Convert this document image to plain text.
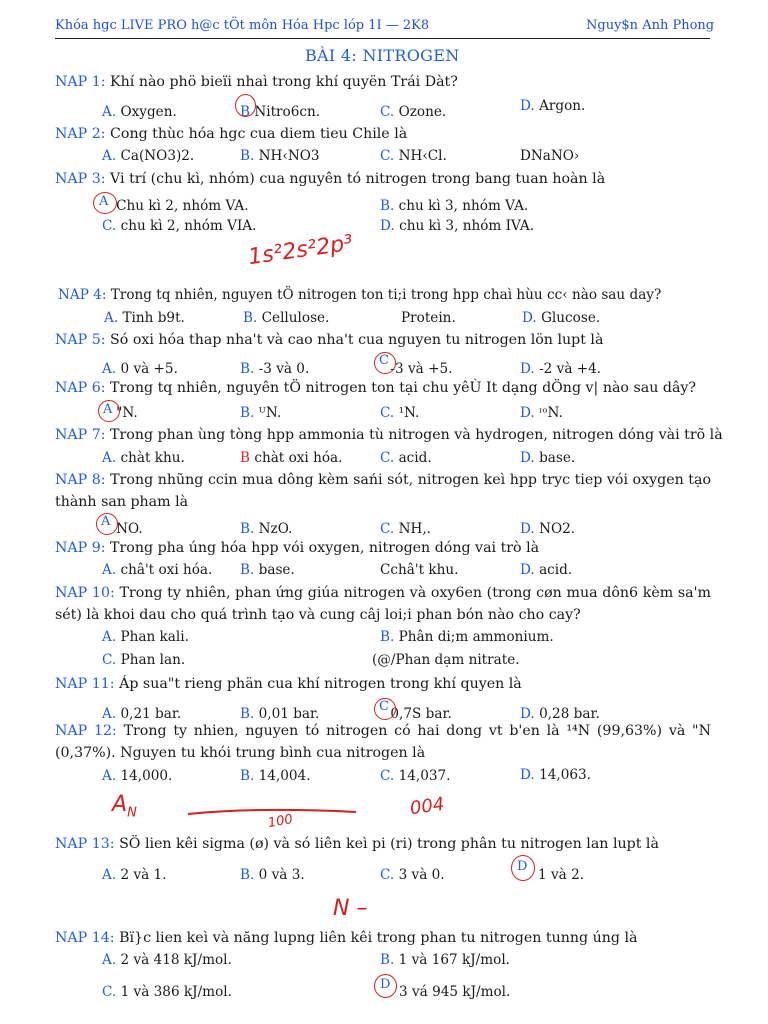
Khóa hgc LIVE PRO h@c tÖt môn Hóa Hpc lóp 1I — 2K8	Nguy$n Anh Phong
BÀI 4: NITROGEN
NAP 1: Khí nào phö bieïi nhaì trong khí quyën Trái Dàt?
A. Oxygen.	B Nitro6cn.	C. Ozone.	D. Argon.
NAP 2: Cong thùc hóa hgc cua diem tieu Chile là
A. Ca(NO3)2.	B. NH‹NO3	C. NH‹Cl.	DNaNO›
NAP 3: Vi trí (chu kì, nhóm) cua nguyên tó nitrogen trong bang tuan hoàn là
Chu kì 2, nhóm VA.	B. chu kì 3, nhóm VA.
C. chu kì 2, nhóm VIA.	D. chu kì 3, nhóm IVA.
A
1s²2s²2p³
NAP 4: Trong tq nhiên, nguyen tÖ nitrogen ton ti;i trong hpp chaì hùu cc‹ nào sau day?
A. Tinh b9t.	B. Cellulose.	Protein.	D. Glucose.
NAP 5: Só oxi hóa thap nha't và cao nha't cua nguyen tu nitrogen lön lupt là
A. 0 và +5.	B. -3 và 0.	-3 và +5.	D. -2 và +4.
C
NAP 6: Trong tq nhiên, nguyên tÖ nitrogen ton tại chu yêÙ It dạng dÖng v| nào sau dây?
"N.	B. ᵁN.	C. ¹N.	D. ᶦᵒN.
A
NAP 7: Trong phan ùng tòng hpp ammonia tù nitrogen và hydrogen, nitrogen dóng vài trõ là
A. chàt khu.	B chàt oxi hóa.	C. acid.	D. base.
NAP 8: Trong nhũng ccin mua dông kèm sańi sót, nitrogen keì hpp tryc tiep vói oxygen tạo thành san pham là
NO.	B. NzO.	C. NH,.	D. NO2.
A
NAP 9: Trong pha úng hóa hpp vói oxygen, nitrogen dóng vai trò là
A. châ't oxi hóa. B. base.	Cchâ't khu.	D. acid.
NAP 10: Trong ty nhiên, phan ứng giúa nitrogen và oxy6en (trong cøn mua dôn6 kèm sa'm sét) là khoi dau cho quá trình tạo và cung câj loi;i phan bón nào cho cay?
A. Phan kali.	B. Phân di;m ammonium.
C. Phan lan.	(@/Phan dạm nitrate.
NAP 11: Áp sua"t rieng phän cua khí nitrogen trong khí quyen là
A. 0,21 bar.	B. 0,01 bar.	0,7S bar.	D. 0,28 bar.
C
NAP 12: Trong ty nhien, nguyen tó nitrogen có hai dong vt b'en là ¹⁴N (99,63%) và "N (0,37%). Nguyen tu khói trung bình cua nitrogen là
A. 14,000.	B. 14,004.	C. 14,037.	D. 14,063.
$A_N$	100
004
NAP 13: SÖ lien kêi sigma (ø) và só liên keì pi (ri) trong phân tu nitrogen lan lupt là
A. 2 và 1.	B. 0 và 3.	C. 3 và 0.	1 và 2.
D
N –
NAP 14: Bï}c lien keì và năng lupng liên kêi trong phan tu nitrogen tunng úng là
A. 2 và 418 kJ/mol.	B. 1 và 167 kJ/mol.
C. 1 và 386 kJ/mol.	3 vá 945 kJ/mol.
D
